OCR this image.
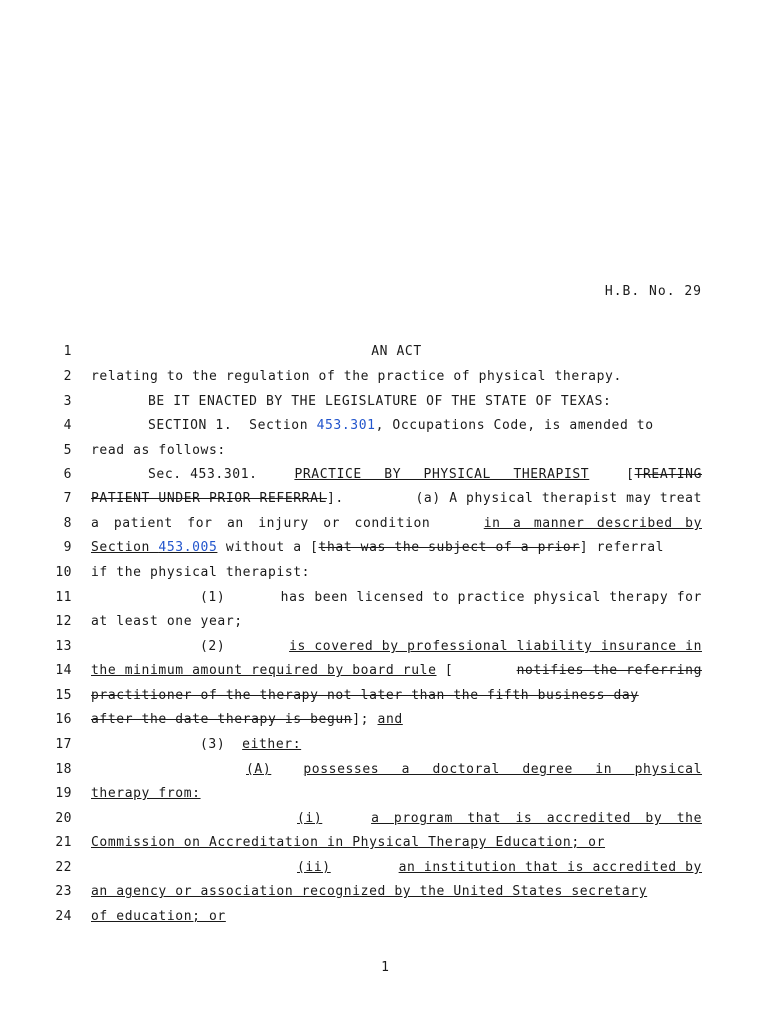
H.B. No. 29
1
2
3
4
5
6
7
8
9
10
11
12
13
14
15
16
17
18
19
20
21
22
23
24
AN ACT
relating to the regulation of the practice of physical therapy.
BE IT ENACTED BY THE LEGISLATURE OF THE STATE OF TEXAS:
SECTION 1. Section 453.301, Occupations Code, is amended to
read as follows:
Sec. 453.301.	PRACTICE BY PHYSICAL THERAPIST	[TREATING
PATIENT UNDER PRIOR REFERRAL].	(a) A physical therapist may treat
a patient for an injury or condition	in a manner described by
Section 453.005 without a [that was the subject of a prior] referral
if the physical therapist:
(1)	has been licensed to practice physical therapy for
at least one year;
(2)	is covered by professional liability insurance in
the minimum amount required by board rule [	notifies the referring
practitioner of the therapy not later than the fifth business day
after the date therapy is begun]; and
(3) either:
(A) possesses a doctoral degree in physical
therapy from:
(i)	a program that is accredited by the
Commission on Accreditation in Physical Therapy Education; or
(ii)	an institution that is accredited by
an agency or association recognized by the United States secretary
of education; or
1
